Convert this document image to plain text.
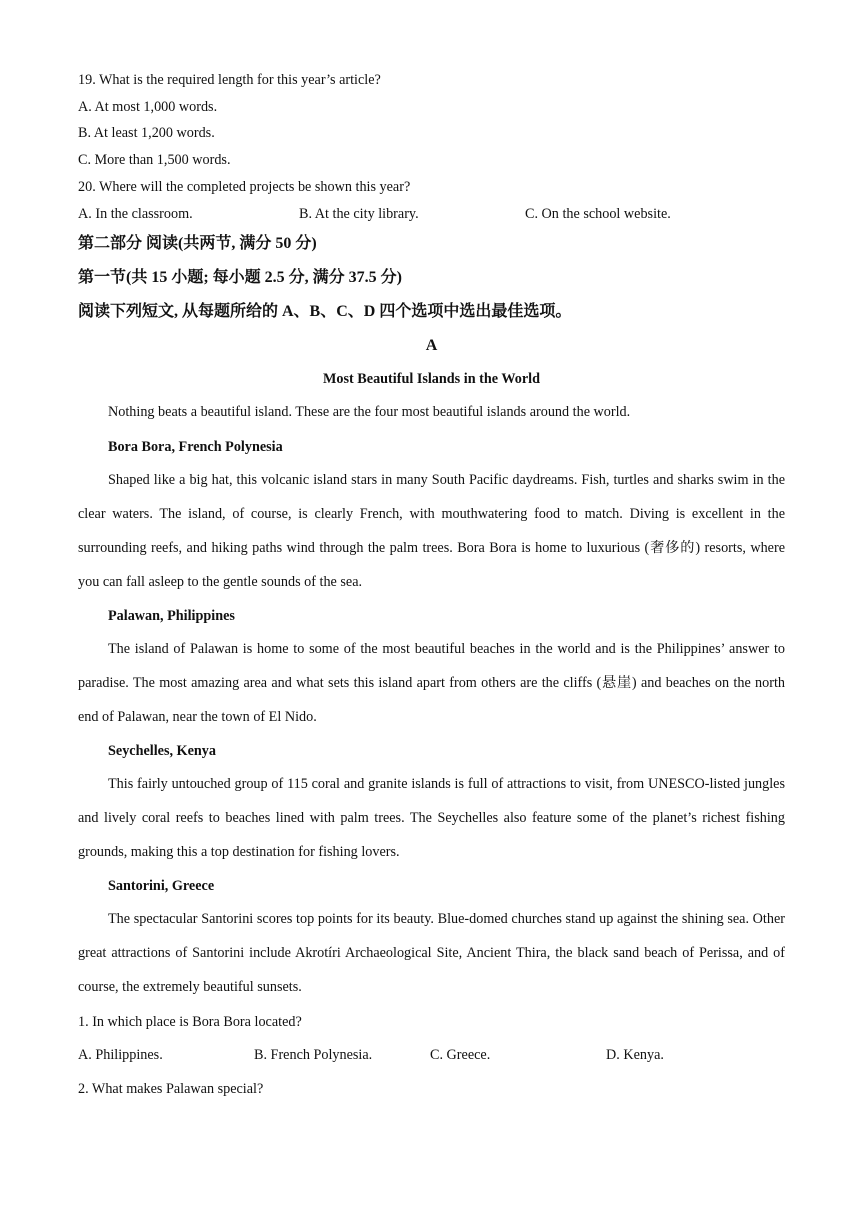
19. What is the required length for this year’s article?
A. At most 1,000 words.
B. At least 1,200 words.
C. More than 1,500 words.
20. Where will the completed projects be shown this year?
A. In the classroom.	B. At the city library.	C. On the school website.
第二部分 阅读(共两节, 满分 50 分)
第一节(共 15 小题; 每小题 2.5 分, 满分 37.5 分)
阅读下列短文, 从每题所给的 A、B、C、D 四个选项中选出最佳选项。
A
Most Beautiful Islands in the World
Nothing beats a beautiful island. These are the four most beautiful islands around the world.
Bora Bora, French Polynesia
Shaped like a big hat, this volcanic island stars in many South Pacific daydreams. Fish, turtles and sharks swim in the clear waters. The island, of course, is clearly French, with mouthwatering food to match. Diving is excellent in the surrounding reefs, and hiking paths wind through the palm trees. Bora Bora is home to luxurious (奢侈的) resorts, where you can fall asleep to the gentle sounds of the sea.
Palawan, Philippines
The island of Palawan is home to some of the most beautiful beaches in the world and is the Philippines’ answer to paradise. The most amazing area and what sets this island apart from others are the cliffs (悬崖) and beaches on the north end of Palawan, near the town of El Nido.
Seychelles, Kenya
This fairly untouched group of 115 coral and granite islands is full of attractions to visit, from UNESCO-listed jungles and lively coral reefs to beaches lined with palm trees. The Seychelles also feature some of the planet’s richest fishing grounds, making this a top destination for fishing lovers.
Santorini, Greece
The spectacular Santorini scores top points for its beauty. Blue-domed churches stand up against the shining sea. Other great attractions of Santorini include Akrotíri Archaeological Site, Ancient Thira, the black sand beach of Perissa, and of course, the extremely beautiful sunsets.
1. In which place is Bora Bora located?
A. Philippines.	B. French Polynesia.	C. Greece.	D. Kenya.
2. What makes Palawan special?
